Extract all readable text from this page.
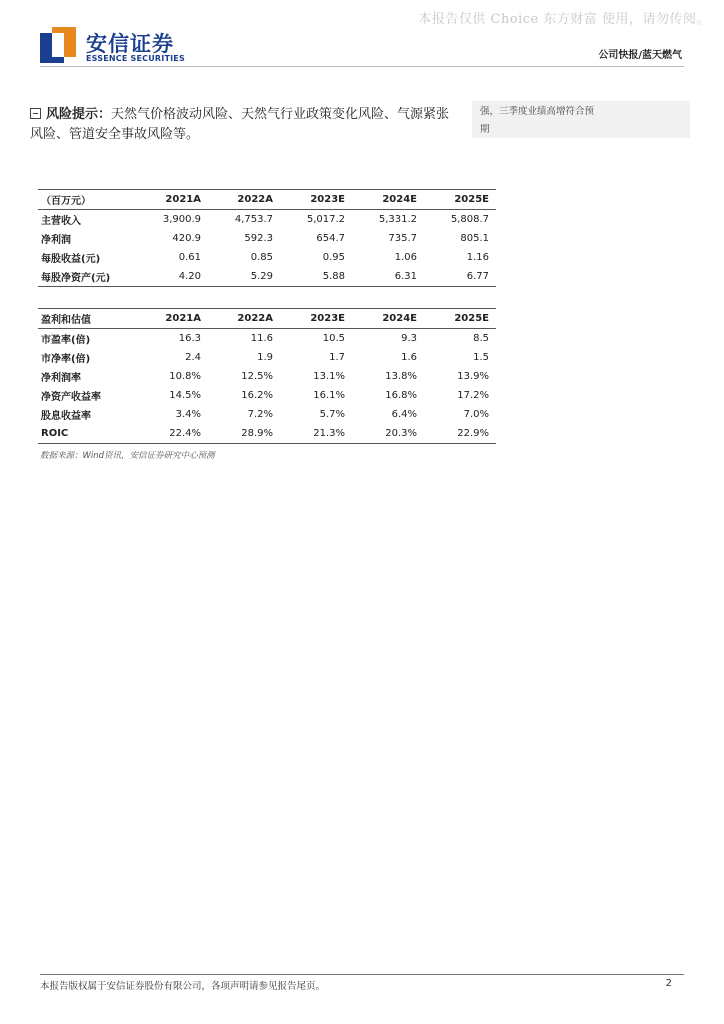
本报告仅供 Choice 东方财富 使用，请勿传阅。
安信证券
ESSENCE SECURITIES	公司快报/蓝天燃气
风险提示：天然气价格波动风险、天然气行业政策变化风险、气源紧张风险、管道安全事故风险等。
强，三季度业绩高增符合预
期
（百万元）	2021A	2022A	2023E	2024E	2025E
主营收入	3,900.9	4,753.7	5,017.2	5,331.2	5,808.7
净利润	420.9	592.3	654.7	735.7	805.1
每股收益(元)	0.61	0.85	0.95	1.06	1.16
每股净资产(元)	4.20	5.29	5.88	6.31	6.77
盈利和估值	2021A	2022A	2023E	2024E	2025E
市盈率(倍)	16.3	11.6	10.5	9.3	8.5
市净率(倍)	2.4	1.9	1.7	1.6	1.5
净利润率	10.8%	12.5%	13.1%	13.8%	13.9%
净资产收益率	14.5%	16.2%	16.1%	16.8%	17.2%
股息收益率	3.4%	7.2%	5.7%	6.4%	7.0%
ROIC	22.4%	28.9%	21.3%	20.3%	22.9%
数据来源：Wind资讯，安信证券研究中心预测
本报告版权属于安信证券股份有限公司，各项声明请参见报告尾页。	2
